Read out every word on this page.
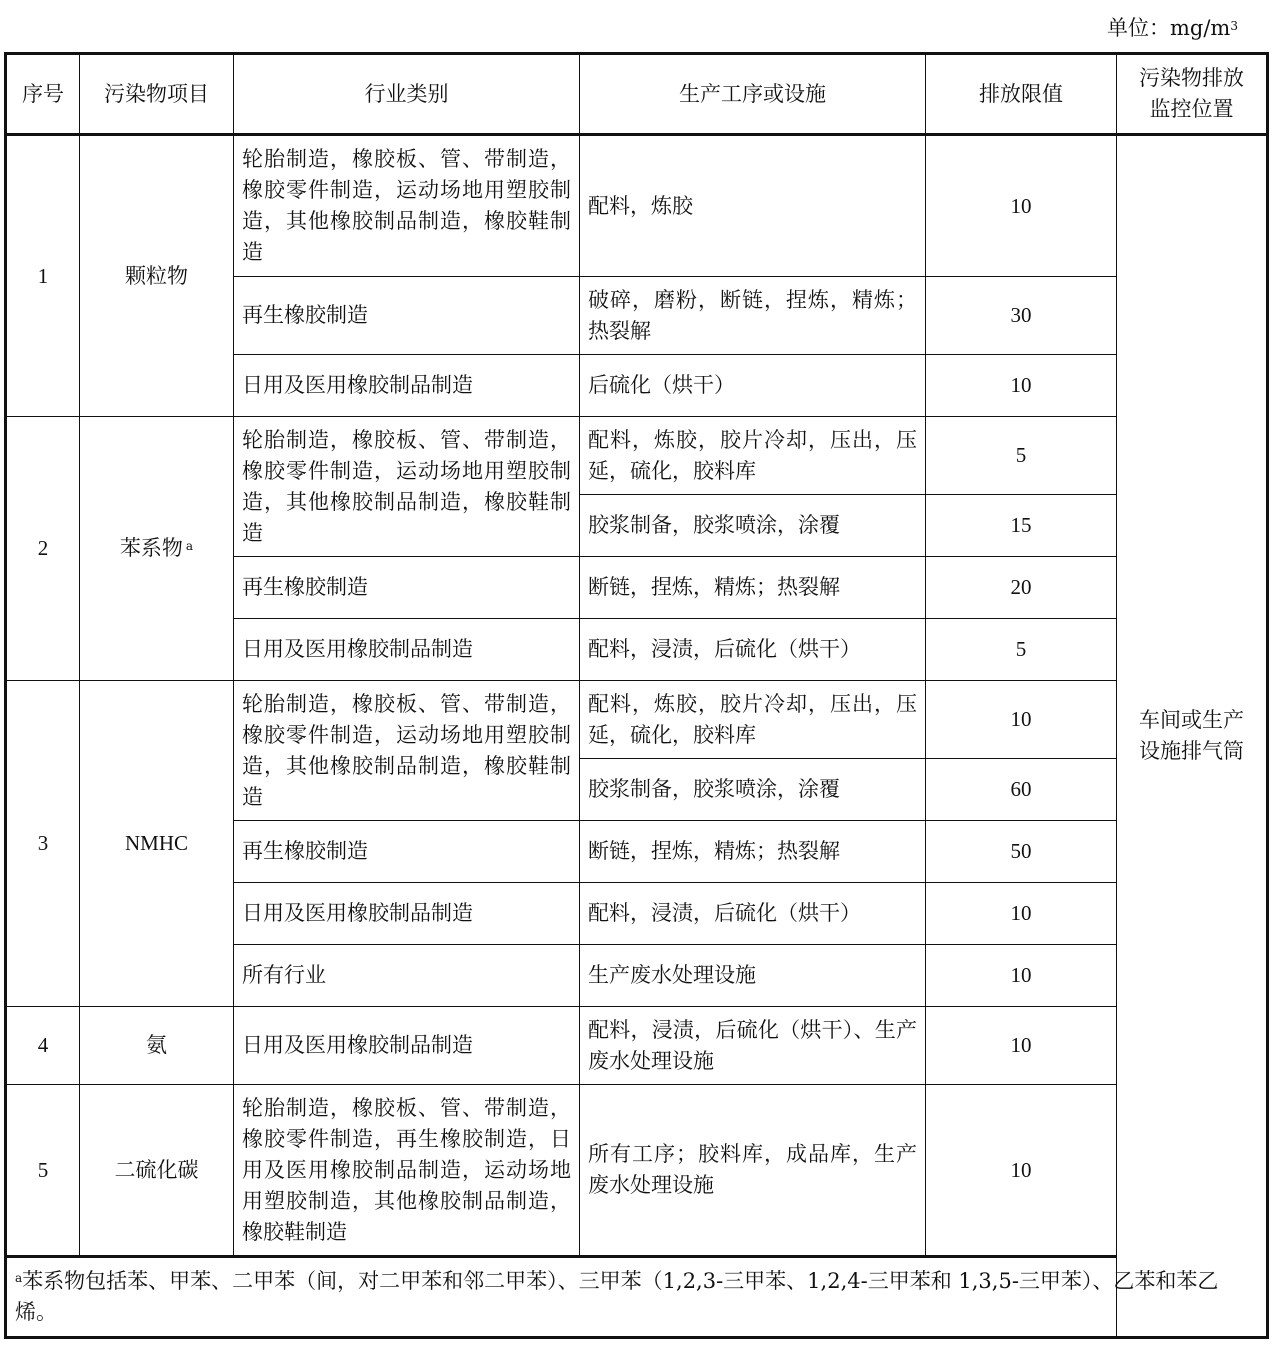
单位：$mg/m^3$
序号	污染物项目	行业类别	生产工序或设施	排放限值	污染物排放监控位置
1	颗粒物	轮胎制造，橡胶板、管、带制造，橡胶零件制造，运动场地用塑胶制造，其他橡胶制品制造，橡胶鞋制造	配料，炼胶	10	车间或生产设施排气筒
		再生橡胶制造	破碎，磨粉，断链，捏炼，精炼；热裂解	30	
		日用及医用橡胶制品制造	后硫化（烘干）	10	
2	苯系物 $^a$	轮胎制造，橡胶板、管、带制造，橡胶零件制造，运动场地用塑胶制造，其他橡胶制品制造，橡胶鞋制造	配料，炼胶，胶片冷却，压出，压延，硫化，胶料库	5	
			胶浆制备，胶浆喷涂，涂覆	15	
		再生橡胶制造	断链，捏炼，精炼；热裂解	20	
		日用及医用橡胶制品制造	配料，浸渍，后硫化（烘干）	5	
3	NMHC	轮胎制造，橡胶板、管、带制造，橡胶零件制造，运动场地用塑胶制造，其他橡胶制品制造，橡胶鞋制造	配料，炼胶，胶片冷却，压出，压延，硫化，胶料库	10	
			胶浆制备，胶浆喷涂，涂覆	60	
		再生橡胶制造	断链，捏炼，精炼；热裂解	50	
		日用及医用橡胶制品制造	配料，浸渍，后硫化（烘干）	10	
		所有行业	生产废水处理设施	10	
4	氨	日用及医用橡胶制品制造	配料，浸渍，后硫化（烘干）、生产废水处理设施	10	
5	二硫化碳	轮胎制造，橡胶板、管、带制造，橡胶零件制造，再生橡胶制造，日用及医用橡胶制品制造，运动场地用塑胶制造，其他橡胶制品制造，橡胶鞋制造	所有工序；胶料库，成品库，生产废水处理设施	10	

$^a$苯系物包括苯、甲苯、二甲苯（间，对二甲苯和邻二甲苯）、三甲苯（1,2,3-三甲苯、1,2,4-三甲苯和 1,3,5-三甲苯）、乙苯和苯乙烯。					
